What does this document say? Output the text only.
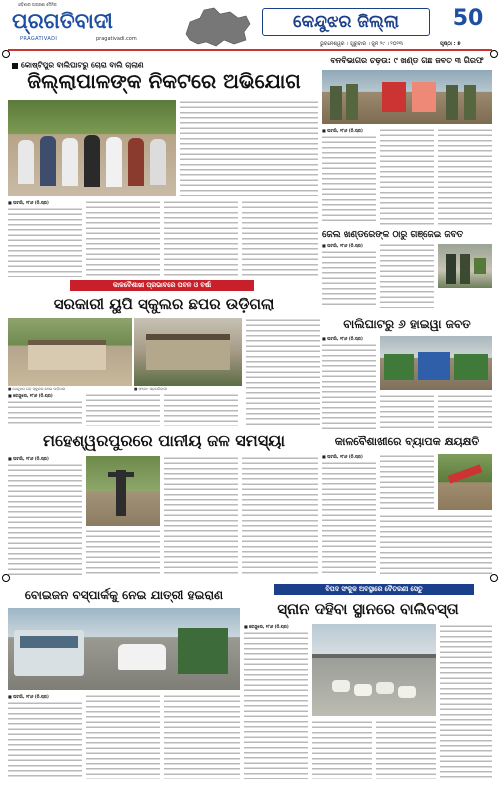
ଓଡ଼ିଶାର ଅଗ୍ରଣୀ ଦୈନିକ
ପ୍ରଗତିବାଦୀ
PRAGATIVADI	pragativadi.com
କେନ୍ଦୁଝର ଜିଲ୍ଲା	50
ଭୁବନେଶ୍ୱର । ଗୁରୁବାର । ଜୁନ ୨୯ । ୨୦୨୩	ପୃଷ୍ଠା : ୭
କୋଷ୍ଟିପୁର ବାଲିଘାଟରୁ ଚୋରା ବାଲି ଚାଲାଣ
ଜିଲ୍ଲାପାଳଙ୍କ ନିକଟରେ ଅଭିଯୋଗ
■ ଘଟଗାଁ, ୨୮ା୬ (ନି.ପ୍ର)
ବନବିଭାଗର ଚଢ଼ଉ: ୯ ଖଣ୍ଡ ଗଛ ଜବତ ୩ ଗିରଫ
■ ଘଟଗାଁ, ୨୮ା୬ (ନି.ପ୍ର)
ଜେଲ ଖଣ୍ଡରେଙ୍କ ଠାରୁ ଗଞ୍ଜେଇ ଜବତ
■ ଘଟଗାଁ, ୨୮ା୬ (ନି.ପ୍ର)
କାଳବୈଶାଖୀ ପ୍ରଭାବରେ ପବନ ଓ ବର୍ଷା
ସରକାରୀ ୟୁପି ସ୍କୁଲର ଛପର ଉଡ଼ିଗଲା
■ କେନ୍ଦୁଝର ଗଡ଼ ସ୍କୁଲର ଛପର ଉଡ଼ିଗଲା	■ ଫଟୋ: ପ୍ରଗତିବାଦୀ
■ କେନ୍ଦୁଝର, ୨୮ା୬ (ନି.ପ୍ର)
ବାଲିଘାଟରୁ ୬ ହାଇୱା ଜବତ
■ ଘଟଗାଁ, ୨୮ା୬ (ନି.ପ୍ର)
ମହେଶ୍ୱରପୁରରେ ପାନୀୟ ଜଳ ସମସ୍ୟା
■ ଘଟଗାଁ, ୨୮ା୬ (ନି.ପ୍ର)
କାଳବୈଶାଖୀରେ ବ୍ୟାପକ କ୍ଷୟକ୍ଷତି
■ ଘଟଗାଁ, ୨୮ା୬ (ନି.ପ୍ର)
ବୋଇଜନ ବସ୍‌ପାର୍କକୁ ନେଇ ଯାତ୍ରୀ ହଇରାଣ
■ ଘଟଗାଁ, ୨୮ା୬ (ନି.ପ୍ର)
ବିପଦ ସଂକୁଳ ଅବସ୍ଥାରେ ବୈତରଣୀ ସେତୁ
ସ୍ନାନ ଦହିବା ସ୍ଥାନରେ ବାଲିବସ୍ତା
■ କେନ୍ଦୁଝର, ୨୮ା୬ (ନି.ପ୍ର)
